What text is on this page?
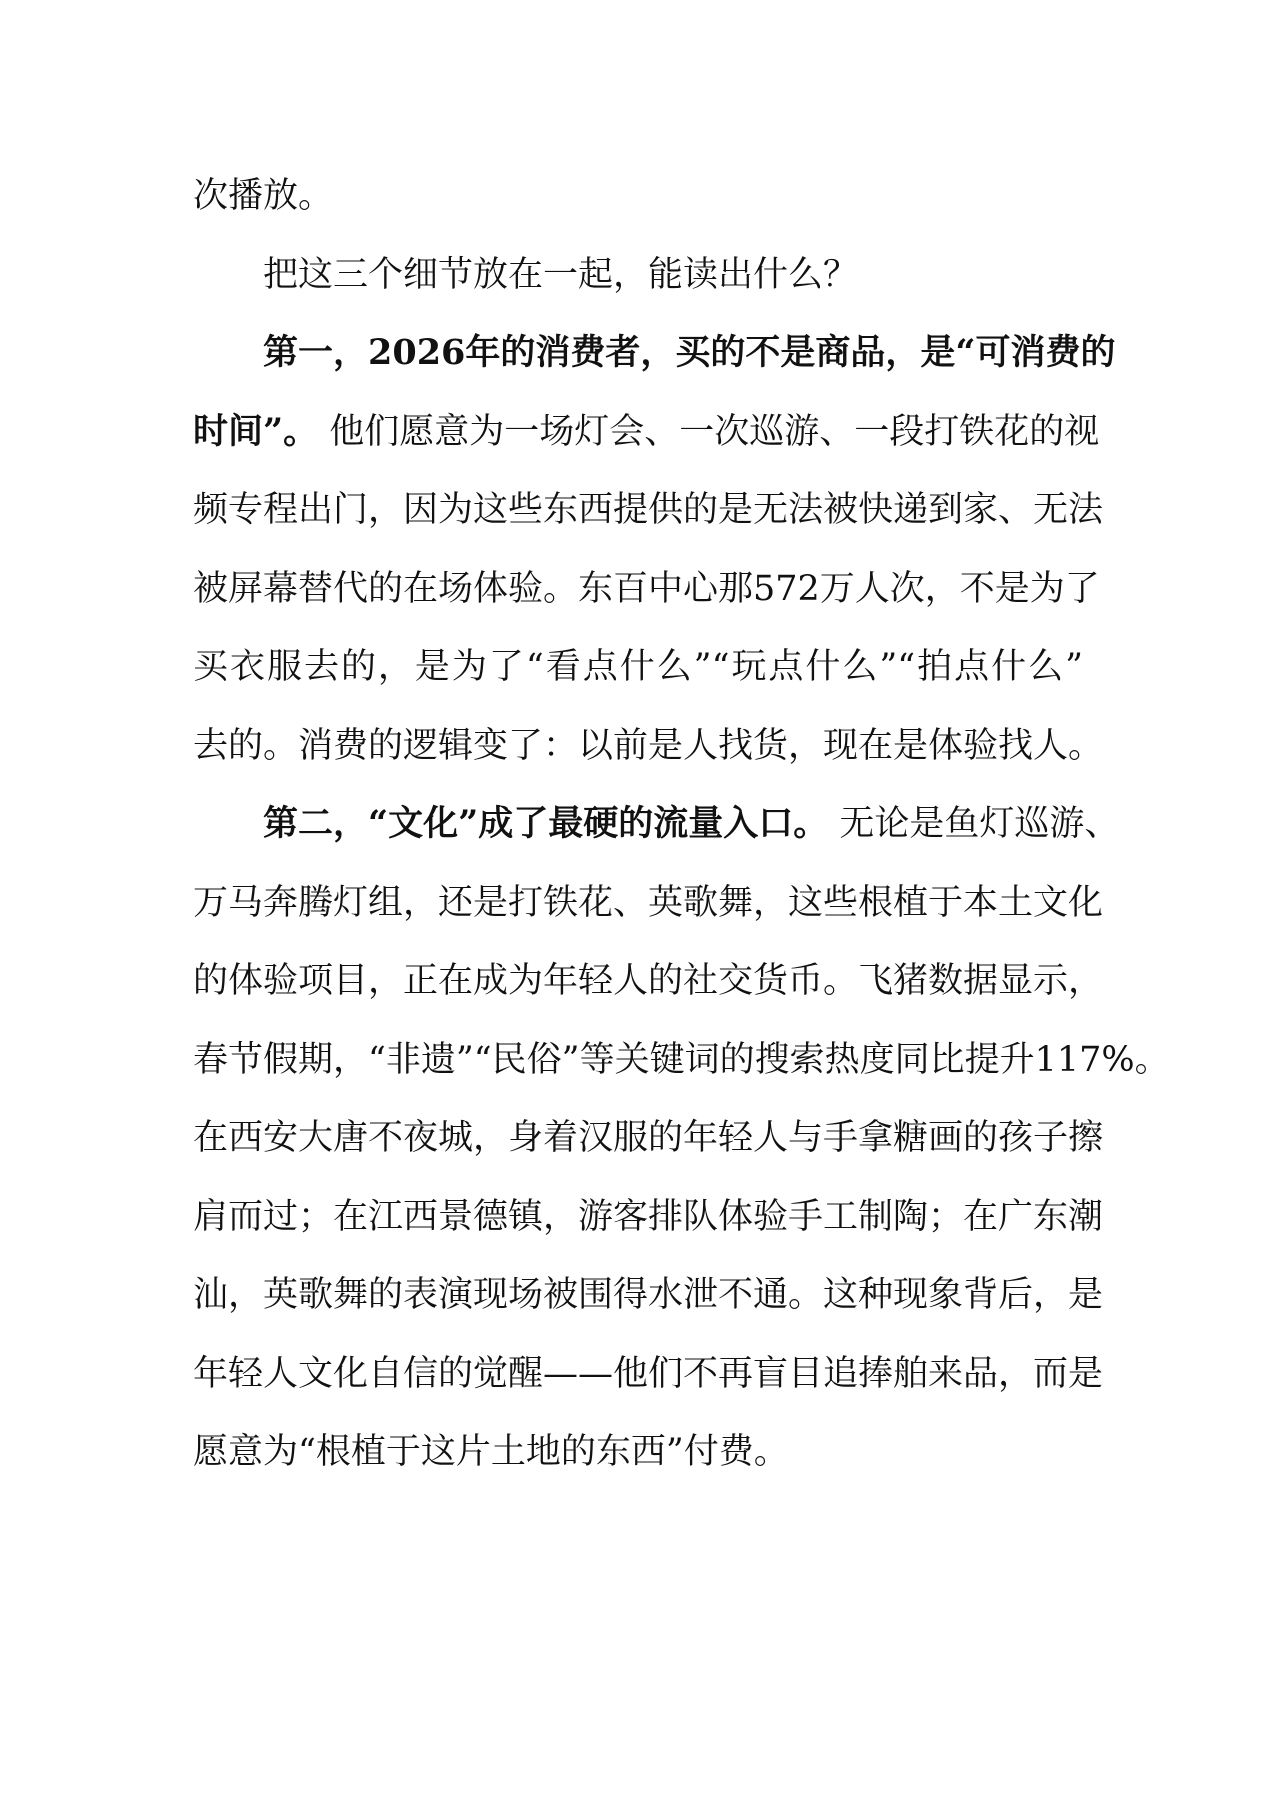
次播放。
把这三个细节放在一起，能读出什么？
第一，2026年的消费者，买的不是商品，是“可消费的
时间”。 他们愿意为一场灯会、一次巡游、一段打铁花的视
频专程出门，因为这些东西提供的是无法被快递到家、无法
被屏幕替代的在场体验。东百中心那572万人次，不是为了
买衣服去的，是为了“看点什么”“玩点什么”“拍点什么”
去的。消费的逻辑变了：以前是人找货，现在是体验找人。
第二，“文化”成了最硬的流量入口。 无论是鱼灯巡游、
万马奔腾灯组，还是打铁花、英歌舞，这些根植于本土文化
的体验项目，正在成为年轻人的社交货币。飞猪数据显示，
春节假期，“非遗”“民俗”等关键词的搜索热度同比提升117%。
在西安大唐不夜城，身着汉服的年轻人与手拿糖画的孩子擦
肩而过；在江西景德镇，游客排队体验手工制陶；在广东潮
汕，英歌舞的表演现场被围得水泄不通。这种现象背后，是
年轻人文化自信的觉醒——他们不再盲目追捧舶来品，而是
愿意为“根植于这片土地的东西”付费。
